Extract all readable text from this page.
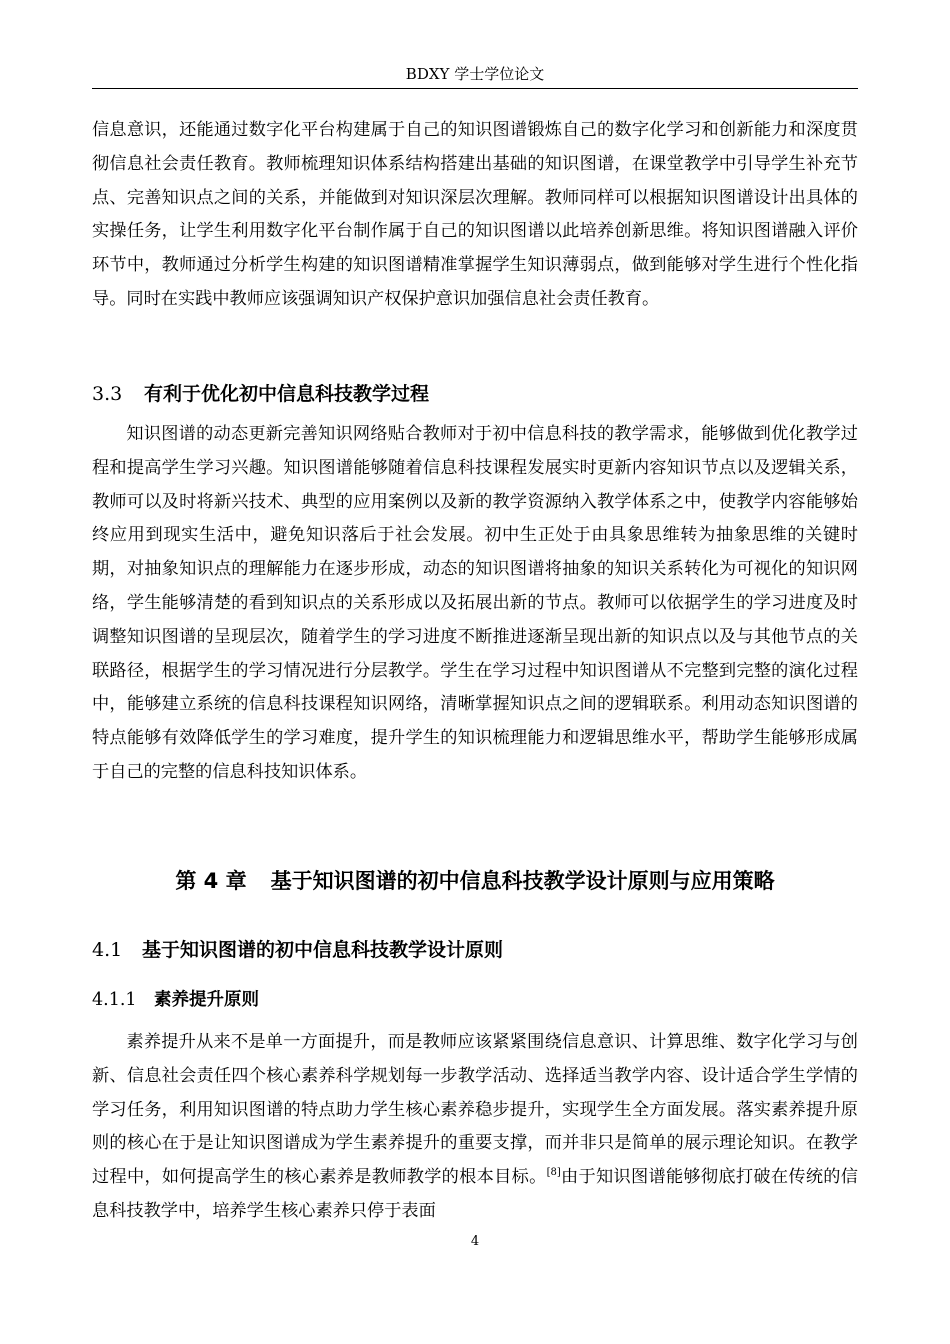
BDXY 学士学位论文

信息意识，还能通过数字化平台构建属于自己的知识图谱锻炼自己的数字化学习和创新能力和深度贯彻信息社会责任教育。教师梳理知识体系结构搭建出基础的知识图谱，在课堂教学中引导学生补充节点、完善知识点之间的关系，并能做到对知识深层次理解。教师同样可以根据知识图谱设计出具体的实操任务，让学生利用数字化平台制作属于自己的知识图谱以此培养创新思维。将知识图谱融入评价环节中，教师通过分析学生构建的知识图谱精准掌握学生知识薄弱点，做到能够对学生进行个性化指导。同时在实践中教师应该强调知识产权保护意识加强信息社会责任教育。

3.3 有利于优化初中信息科技教学过程

知识图谱的动态更新完善知识网络贴合教师对于初中信息科技的教学需求，能够做到优化教学过程和提高学生学习兴趣。知识图谱能够随着信息科技课程发展实时更新内容知识节点以及逻辑关系，教师可以及时将新兴技术、典型的应用案例以及新的教学资源纳入教学体系之中，使教学内容能够始终应用到现实生活中，避免知识落后于社会发展。初中生正处于由具象思维转为抽象思维的关键时期，对抽象知识点的理解能力在逐步形成，动态的知识图谱将抽象的知识关系转化为可视化的知识网络，学生能够清楚的看到知识点的关系形成以及拓展出新的节点。教师可以依据学生的学习进度及时调整知识图谱的呈现层次，随着学生的学习进度不断推进逐渐呈现出新的知识点以及与其他节点的关联路径，根据学生的学习情况进行分层教学。学生在学习过程中知识图谱从不完整到完整的演化过程中，能够建立系统的信息科技课程知识网络，清晰掌握知识点之间的逻辑联系。利用动态知识图谱的特点能够有效降低学生的学习难度，提升学生的知识梳理能力和逻辑思维水平，帮助学生能够形成属于自己的完整的信息科技知识体系。

第 4 章 基于知识图谱的初中信息科技教学设计原则与应用策略
4.1 基于知识图谱的初中信息科技教学设计原则
4.1.1 素养提升原则

素养提升从来不是单一方面提升，而是教师应该紧紧围绕信息意识、计算思维、数字化学习与创新、信息社会责任四个核心素养科学规划每一步教学活动、选择适当教学内容、设计适合学生学情的学习任务，利用知识图谱的特点助力学生核心素养稳步提升，实现学生全方面发展。落实素养提升原则的核心在于是让知识图谱成为学生素养提升的重要支撑，而并非只是简单的展示理论知识。在教学过程中，如何提高学生的核心素养是教师教学的根本目标。[8]由于知识图谱能够彻底打破在传统的信息科技教学中，培养学生核心素养只停于表面

4
